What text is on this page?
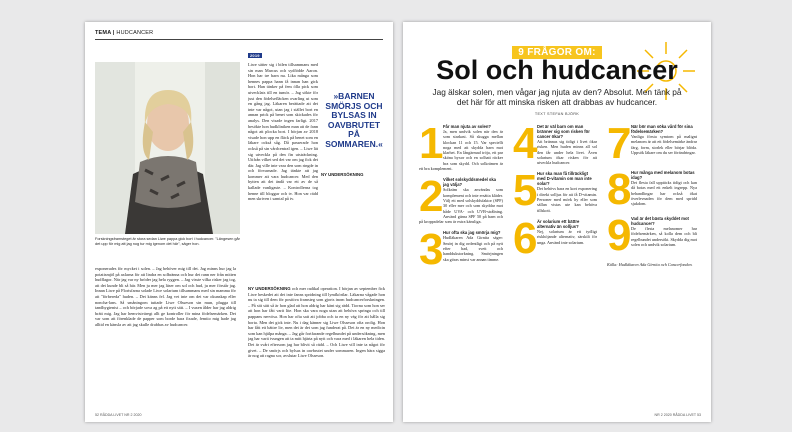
TEMA | HUDCANCER
Forskningsframsteget är stora sedan Liwe pappa gick bort i hudcancer. "Längesen går det upp för mig att jag nog tur mig igenom det här", säger hon.
exponerades för mycket i solen. – Jag behöver mig till det. Jag minns hur jag la potatismjöl på axlarna för att lindra en solbränna och hur det rann ner från mitten hudflagor. När jag var ny bröder jag hela ryggen. – Jag visste vilka risker jag tog, att det kunde bli så här. Men ju mer jag läser om sol och hud, ju mer förstår jag. Innan Liwe på Florisfarna solade Liwe solarium tillsammans med sin mamma för att "förbereda" huden. – Det känns fel. Jag vet inte om det var okunskap eller noncha-lans. Så småningom tuttade Liwe Olsseson sin mun, plugga till tandhygienist – och började sova ag på ett nytt sätt. – I vuxen ålder har jag aldrig brätt mig. Jag har hemvistväregt allt ge kontroller för mina födelsemärken. Det var som att förenklade de papper som borde bara fixade, femtio mig hade jag alltid en känsla av att jag skulle drabbas av hudcancer.
2019
Liwe sätter sig i bilen tillsammans med sin man Marcus och sydfödde Aaron. Hon har tre barn nu. Lika många som hennes pappa hann få innan han gick bort. Han tänker på fem ölla pick som utvecklats till en tumör. – Jag sökte för just den födelsefläcken ovarling ut som en gång jag. Läkaren berättade att det inte var något, utan jag i stället bort en annan prick på benet som skickades för analys. Den visade ingen farligt. 2017 besökte hon hudkliniken man att de fann något att plocka bort. I början av 2018 visade hon upp en fläck på benet som en läkare också såg. Då passerade hon också på sin vårdcentral igen. – Liwe lät sig utveckla på den fin utsträckning. Utifrån vilket sed det var om jag fick det där. Jag ville inte vara den som ringde in och förvarnade. Jag tänkte att jag kommer att vara hudcancer. Med den bytten att det ändå var ett av de så kallade vanligaste. – Kontrollerna tog henne till bloggar och tv. Hon var rädd men skriven i samtal på tv.
»BARNEN SMÖRJS OCH BYLSAS IN OAVBRUTET PÅ SOMMAREN.«
NY UNDERSÖKNING
NY UNDERSÖKNING och mer radikal operation. I början av september fick Liwe beskedet att det inte fanns spridning till lymfkörtlar. Läkarna vågade hon nu ta sig till dem för positiva framsteg som gjorts inom hudcancerforskningen. – På sitt sätt så är hon glad att hon aldrig har känt sig rädd. Tiorna som hon ser att hon har fått varit lite. Hon ska vara noga utan att behöva springa och till pappans nervösa. Hon har ofta satt att jobba och ta en ny väg för att hålla sig borta. Men det gick inte. Nu i dag känner sig Liwe Olsseson ofta orolig. Hon har fått ett bättre liv, men det är det som jag funderat på. Det är en ny medicin som kan hjälpa många. – Jag går fortfarande regelbundet på undersökning, men jag har varit tvungen att ta mitt hjärta på nytt och vara med i läkaren hela tiden. Det är svårt eftersom jag har blivit så rädd. – Och Liwe vill inte ta något för givet. – De smörjs och bylsas in oavbrutet under sommaren. Ingen bära sigga är nog att ragna sor, avslutar Liwe Olsseson.
52 RÅDDA LIVET NR 2 2020
9 FRÅGOR OM:
Sol och hudcancer
Jag älskar solen, men vågar jag njuta av den? Absolut. Men tänk på det här för att minska risken att drabbas av hudcancer.
TEXT STEFAN BJÖRK
1 Får man njuta av solen?
Ja, men undvik solen när den är som starkast. Så skugga mellan klockan 11 och 15. Var speciellt noga med att skydda barn mot klarhet. En långärmad tröja, ett par sköna byxor och en solhatt räcker bra som skydd. Och solkrämen är ett bra komplement.
2 Vilket solskyddsmedel ska jag välja?
Solkräm ska användas som komplement och inte ersätta kläder. Välj ett med solskyddsfaktor (SPF) 30 eller mer och som skyddar mot både UVA- och UVB-strålning. Använd gärna SPF 50 på barn och på kroppsdelar som är extra känsliga.
3 Hur ofta ska jag smörja mig?
Hudläkaren Ada Girnita säger: Smörj in dig ordentligt och på nytt efter bad, svett och handdukstorkning. Smörjningen ska göras minst var annan timme.
4 Det är väl barn om man bränner sig som risken för cancer ökar?
Att brännas sig tidigt i livet ökar risken. Men huden minns all sol den får under hela livet. Även solarium ökar risken för att utveckla hudcancer.
5 Hur ska man få tillräckligt med D-vitamin om man inte solar?
Det behövs bara en kort exponering i direkt solljus för att få D-vitamin. Personer med mörk hy eller som sällan vistas ute kan behöva tillskott.
6 Är solarium ett bättre alternativ än solljus?
Nej, solarium är ett tydligt riskhöjande alternativ, särskilt för unga. Använd inte solarium.
7 När bör man söka vård för sina födelsemärken?
Vanliga första symtom på malignt melanom är att ett födelsemärke ändrar färg, form, storlek eller börjar blöda. Uppsök läkare om du ser förändringar.
8 Hur många med melanom botas idag?
Det flesta fall upptäcks tidigt och kan då botas med ett enkelt ingrepp. Nya behandlingar har också ökat överlevnaden för dem med spridd sjukdom.
9 Vad är det bästa skyddet mot hudcancer?
De flesta melanomer har födelsemärken, så kolla dem och bli regelbundet undersökt. Skydda dig mot solen och undvik solarium.
Källa: Hudläkaren Ada Girnita och Cancerfonden.
NR 2 2020 RÅDDA LIVET 53
